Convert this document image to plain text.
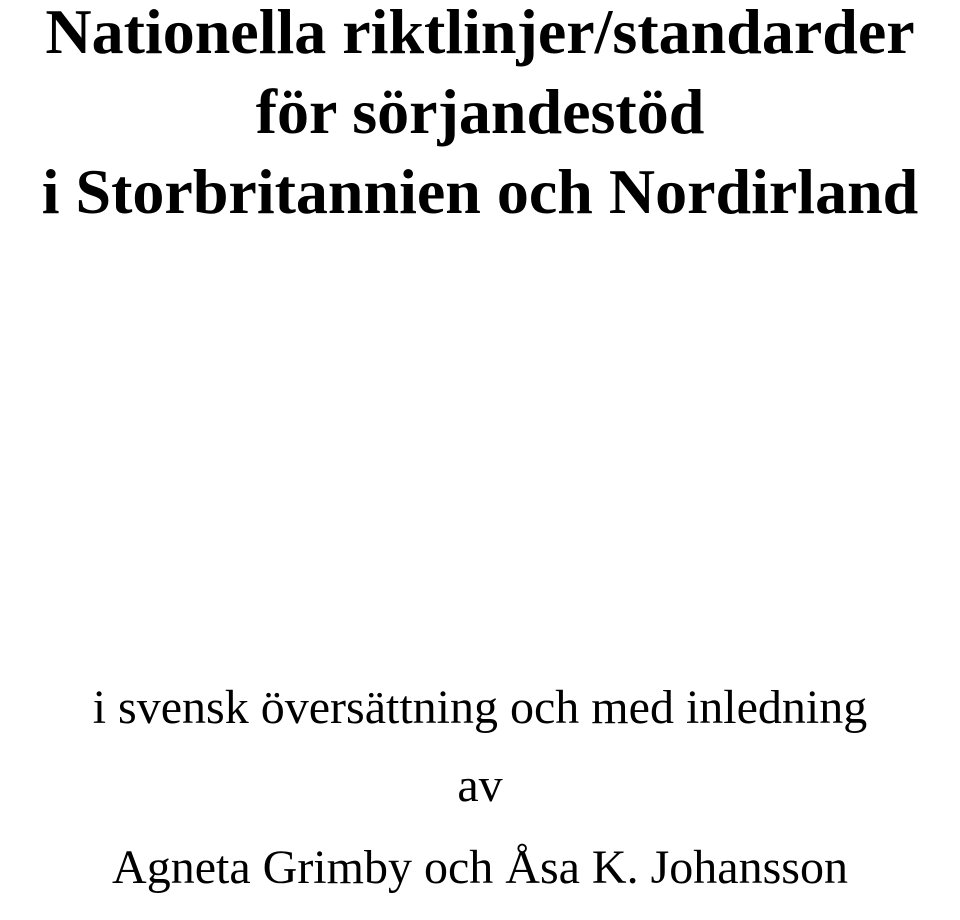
Nationella riktlinjer/standarder
för sörjandestöd
i Storbritannien och Nordirland
i svensk översättning och med inledning
av
Agneta Grimby och Åsa K. Johansson
